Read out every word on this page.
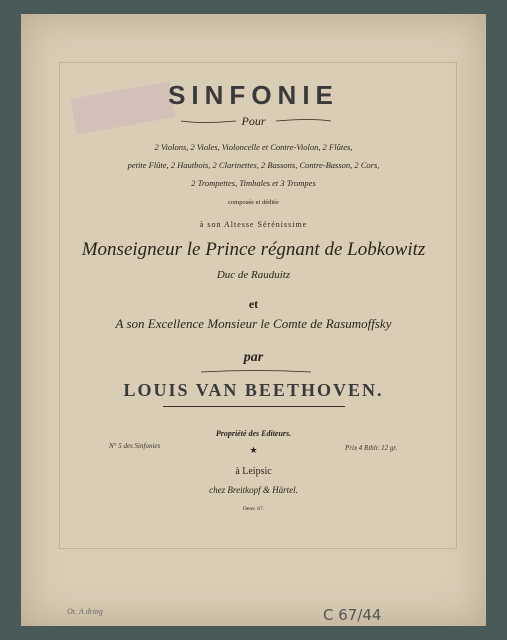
SINFONIE
Pour
2 Violons, 2 Violes, Violoncelle et Contre-Violon, 2 Flûtes,
petite Flûte, 2 Hautbois, 2 Clarinettes, 2 Bassons, Contre-Basson, 2 Cors,
2 Trompettes, Timbales et 3 Trompes
composée et dédiée
à son Altesse Sérénissime
Monseigneur le Prince régnant de Lobkowitz
Duc de Rauduitz
et
A son Excellence Monsieur le Comte de Rasumoffsky
par
LOUIS VAN BEETHOVEN.
Propriété des Editeurs.
N° 5 des Sinfonies	Prix 4 Rthlr. 12 gr.
★
à Leipsic
chez Breitkopf & Härtel.
Oeuv. 67.
Ot. A dring	C 67/44
